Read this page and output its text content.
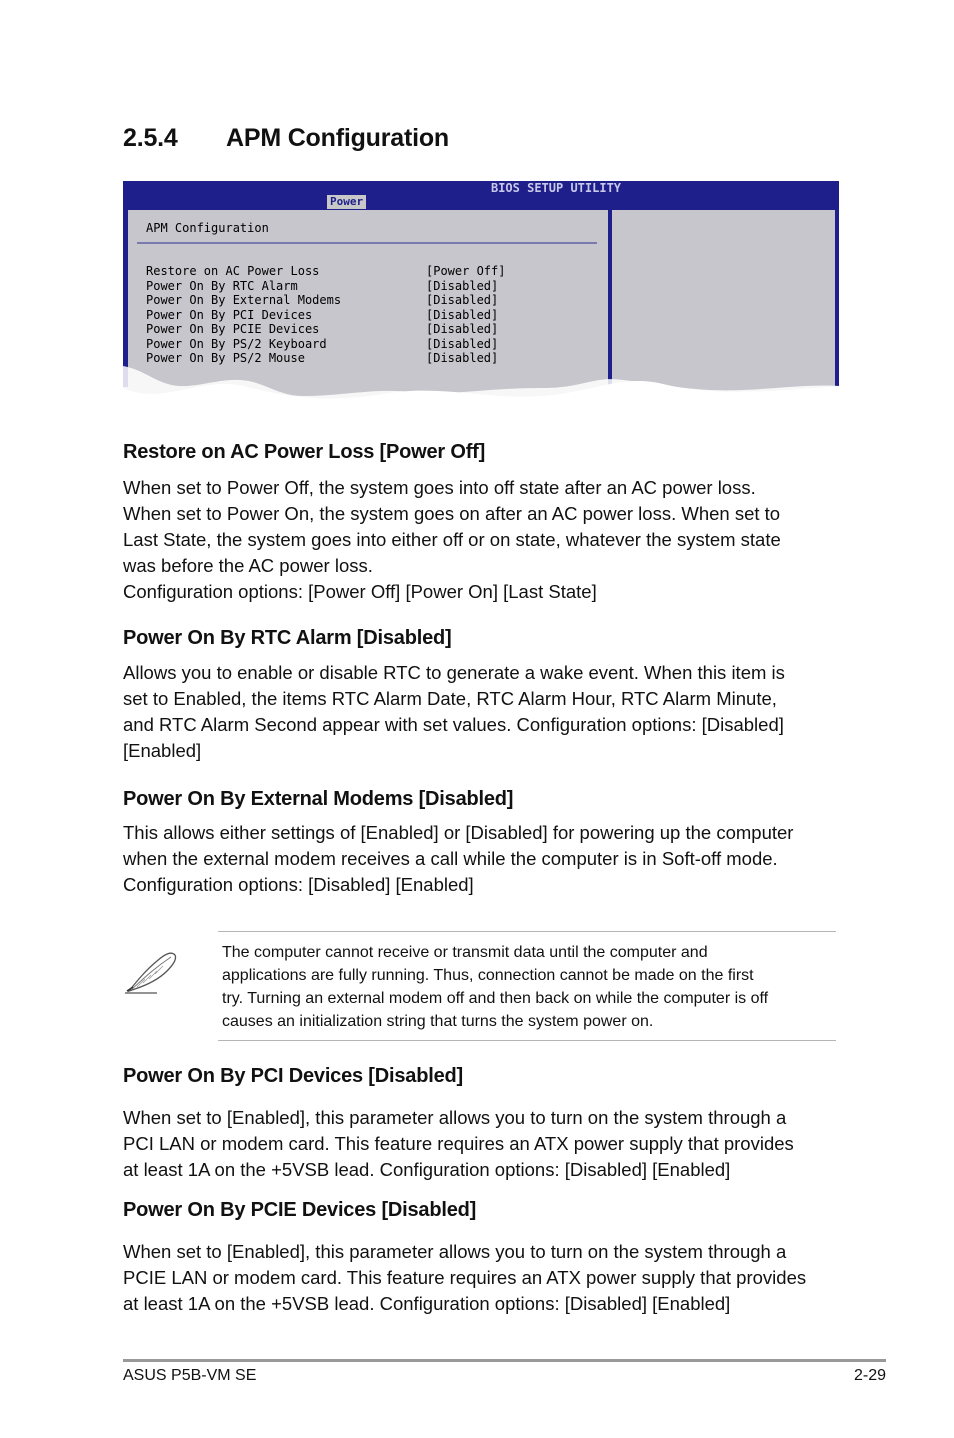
2.5.4 APM Configuration
BIOS SETUP UTILITY
Power
APM Configuration
Restore on AC Power Loss	[Power Off]
Power On By RTC Alarm	[Disabled]
Power On By External Modems	[Disabled]
Power On By PCI Devices	[Disabled]
Power On By PCIE Devices	[Disabled]
Power On By PS/2 Keyboard	[Disabled]
Power On By PS/2 Mouse	[Disabled]
Restore on AC Power Loss [Power Off]
When set to Power Off, the system goes into off state after an AC power loss.
When set to Power On, the system goes on after an AC power loss. When set to
Last State, the system goes into either off or on state, whatever the system state
was before the AC power loss.
Configuration options: [Power Off] [Power On] [Last State]
Power On By RTC Alarm [Disabled]
Allows you to enable or disable RTC to generate a wake event. When this item is
set to Enabled, the items RTC Alarm Date, RTC Alarm Hour, RTC Alarm Minute,
and RTC Alarm Second appear with set values. Configuration options: [Disabled]
[Enabled]
Power On By External Modems [Disabled]
This allows either settings of [Enabled] or [Disabled] for powering up the computer
when the external modem receives a call while the computer is in Soft-off mode.
Configuration options: [Disabled] [Enabled]
The computer cannot receive or transmit data until the computer and
applications are fully running. Thus, connection cannot be made on the first
try. Turning an external modem off and then back on while the computer is off
causes an initialization string that turns the system power on.
Power On By PCI Devices [Disabled]
When set to [Enabled], this parameter allows you to turn on the system through a
PCI LAN or modem card. This feature requires an ATX power supply that provides
at least 1A on the +5VSB lead. Configuration options: [Disabled] [Enabled]
Power On By PCIE Devices [Disabled]
When set to [Enabled], this parameter allows you to turn on the system through a
PCIE LAN or modem card. This feature requires an ATX power supply that provides
at least 1A on the +5VSB lead. Configuration options: [Disabled] [Enabled]
ASUS P5B-VM SE	2-29
